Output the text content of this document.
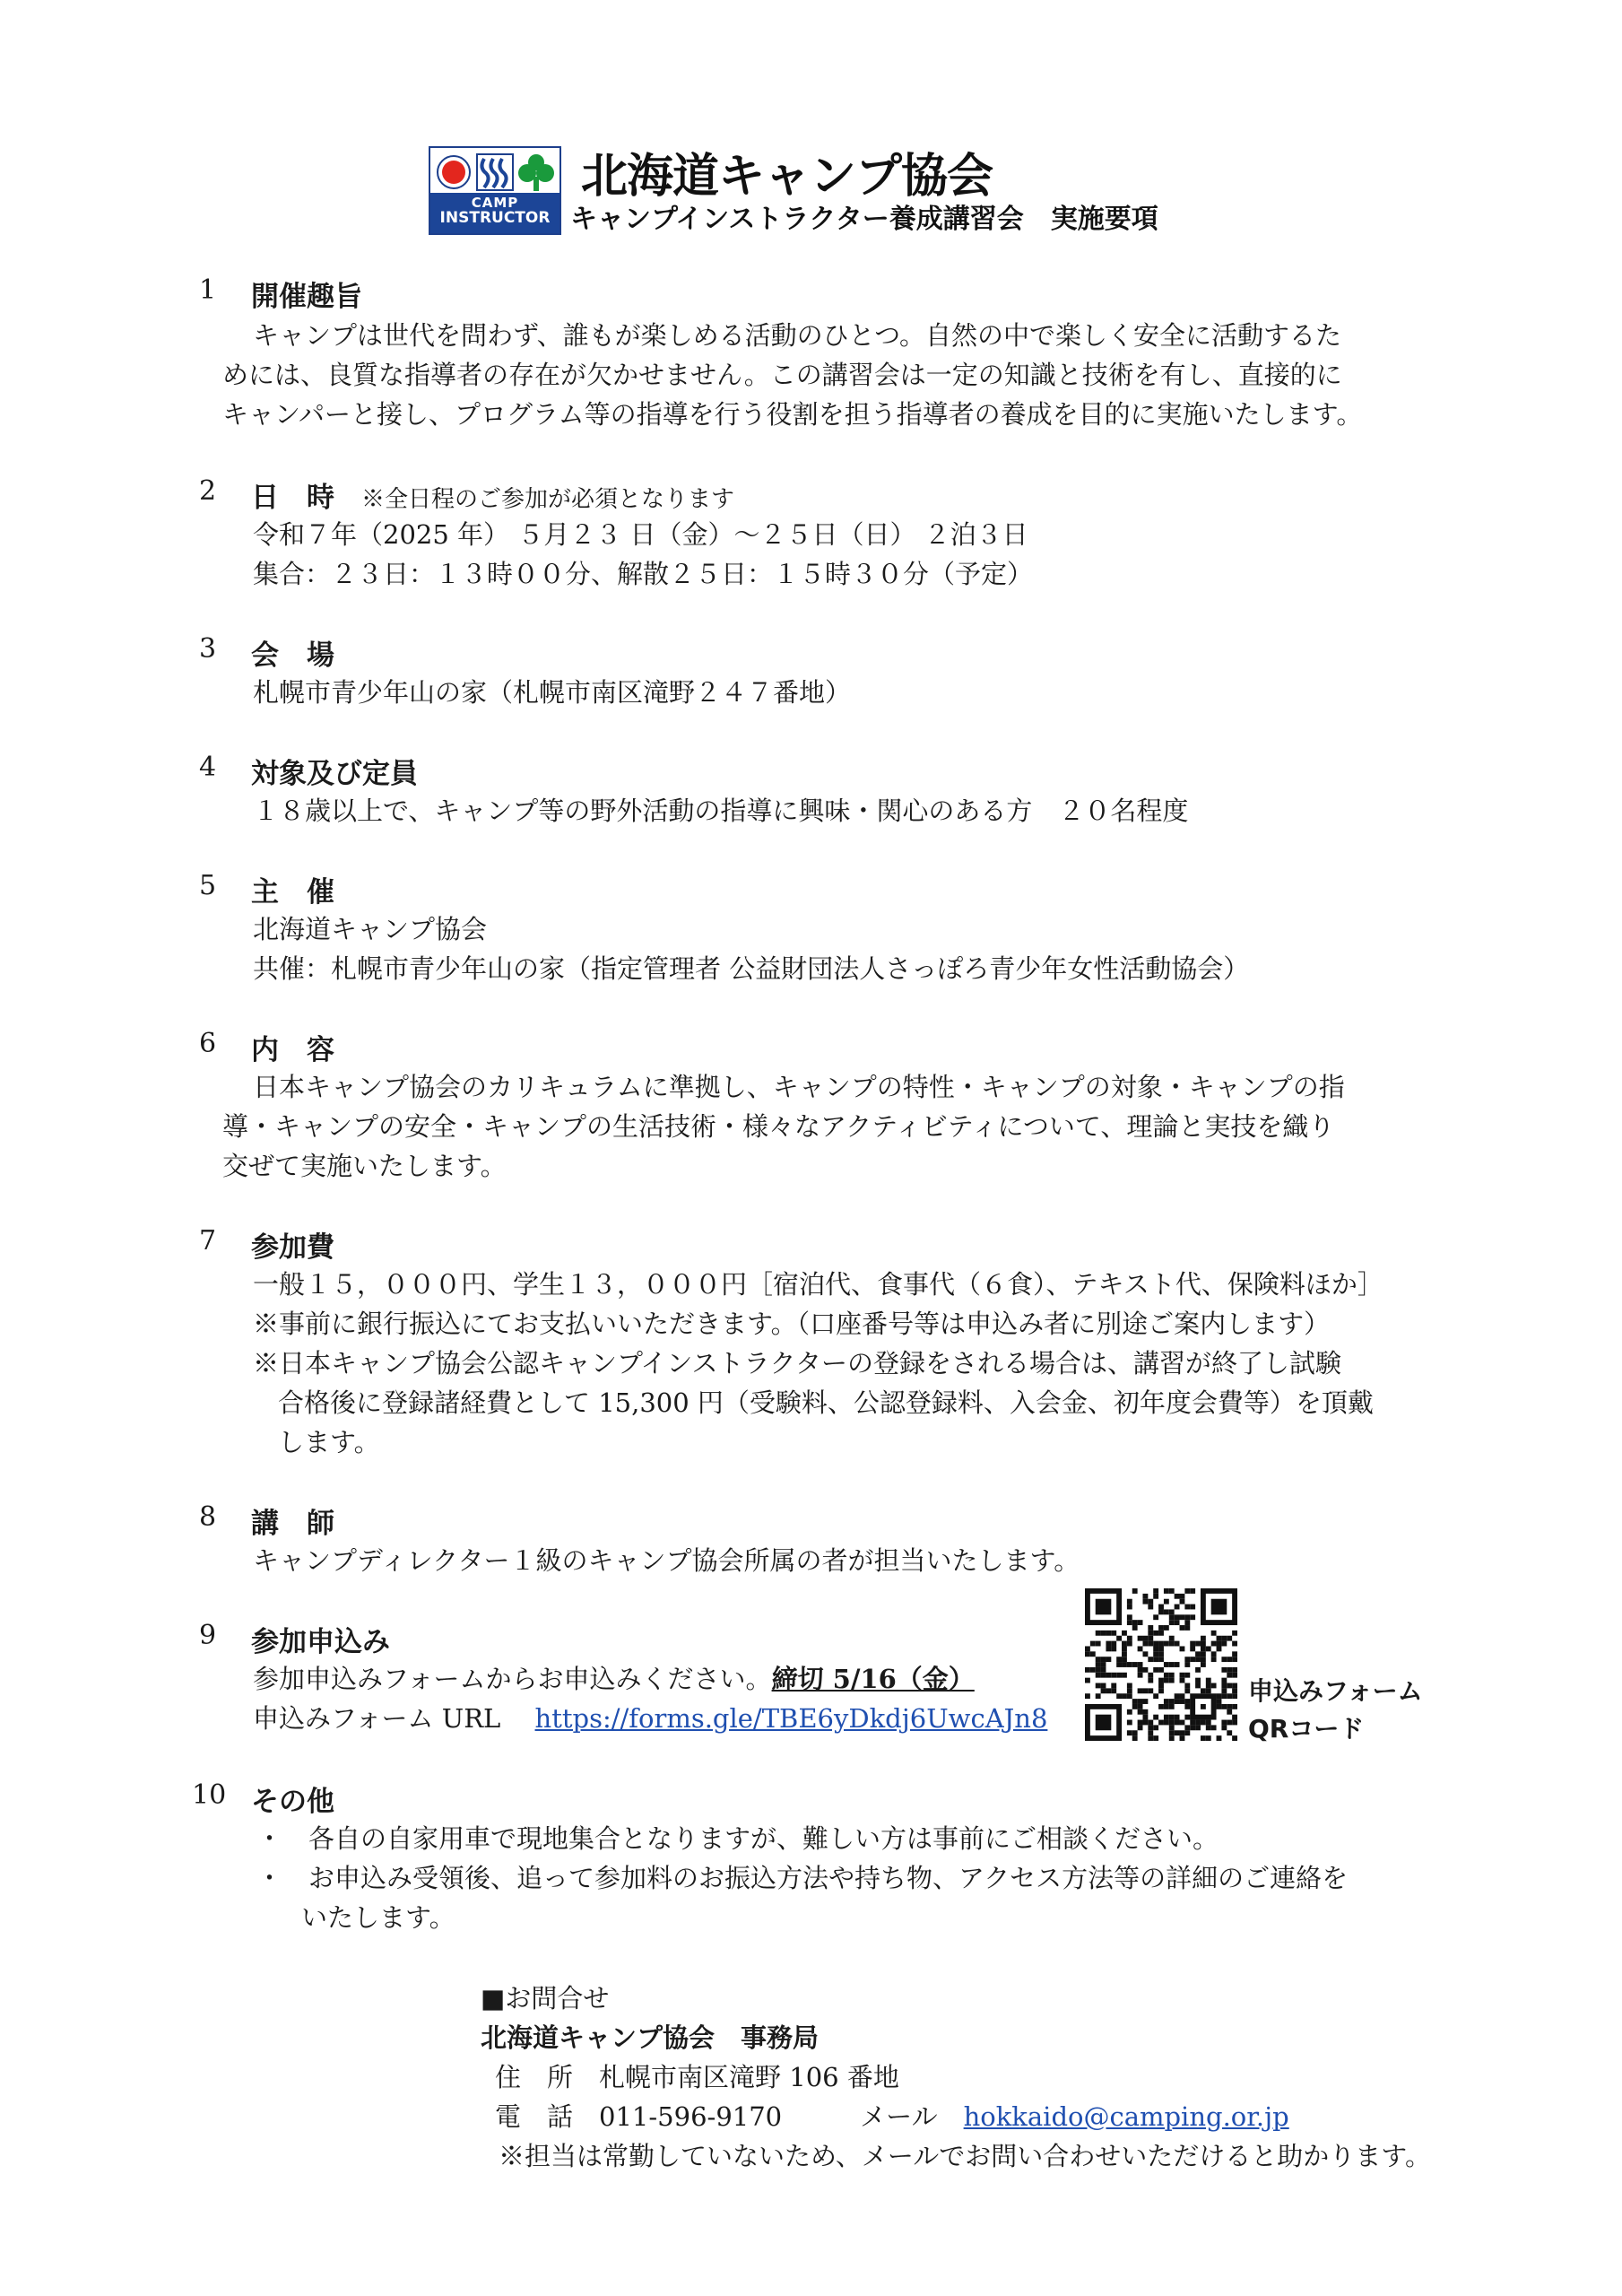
CAMP
INSTRUCTOR
北海道キャンプ協会
キャンプインストラクター養成講習会　実施要項
1 開催趣旨
キャンプは世代を問わず、誰もが楽しめる活動のひとつ。自然の中で楽しく安全に活動するた
めには、良質な指導者の存在が欠かせません。この講習会は一定の知識と技術を有し、直接的に
キャンパーと接し、プログラム等の指導を行う役割を担う指導者の養成を目的に実施いたします。
2 日　時 ※全日程のご参加が必須となります
令和７年（2025 年） ５月２３ 日（金）～２５日（日） ２泊３日
集合：２３日：１３時００分、解散２５日：１５時３０分（予定）
3 会　場
札幌市青少年山の家（札幌市南区滝野２４７番地）
4 対象及び定員
１８歳以上で、キャンプ等の野外活動の指導に興味・関心のある方　２０名程度
5 主　催
北海道キャンプ協会
共催：札幌市青少年山の家（指定管理者 公益財団法人さっぽろ青少年女性活動協会）
6 内　容
日本キャンプ協会のカリキュラムに準拠し、キャンプの特性・キャンプの対象・キャンプの指
導・キャンプの安全・キャンプの生活技術・様々なアクティビティについて、理論と実技を織り
交ぜて実施いたします。
7 参加費
一般１５，０００円、学生１３，０００円［宿泊代、食事代（６食）、テキスト代、保険料ほか］
※事前に銀行振込にてお支払いいただきます。（口座番号等は申込み者に別途ご案内します）
※日本キャンプ協会公認キャンプインストラクターの登録をされる場合は、講習が終了し試験
合格後に登録諸経費として 15,300 円（受験料、公認登録料、入会金、初年度会費等）を頂戴
します。
8 講　師
キャンプディレクター１級のキャンプ協会所属の者が担当いたします。
9 参加申込み
参加申込みフォームからお申込みください。締切 5/16（金）
申込みフォーム URL　 https://forms.gle/TBE6yDkdj6UwcAJn8
申込みフォーム
QRコード
10 その他
・　各自の自家用車で現地集合となりますが、難しい方は事前にご相談ください。
・　お申込み受領後、追って参加料のお振込方法や持ち物、アクセス方法等の詳細のご連絡を
いたします。
■お問合せ
北海道キャンプ協会　事務局
住　所　 札幌市南区滝野 106 番地
電　話　 011-596-9170　　　	メール　 hokkaido@camping.or.jp
※担当は常勤していないため、メールでお問い合わせいただけると助かります。
